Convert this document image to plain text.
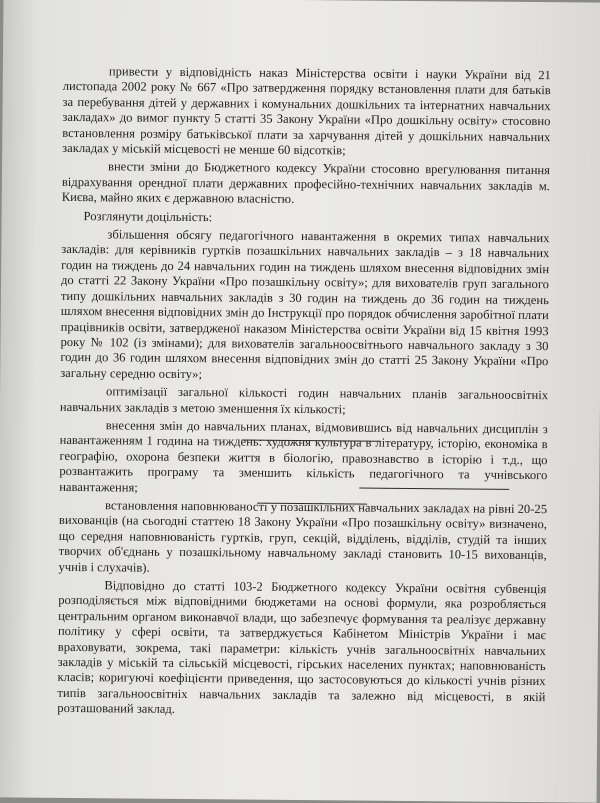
привести у відповідність наказ Міністерства освіти і науки України від 21 листопада 2002 року № 667 «Про затвердження порядку встановлення плати для батьків за перебування дітей у державних і комунальних дошкільних та інтернатних навчальних закладах» до вимог пункту 5 статті 35 Закону України «Про дошкільну освіту» стосовно встановлення розміру батьківської плати за харчування дітей у дошкільних навчальних закладах у міській місцевості не менше 60 відсотків;

внести зміни до Бюджетного кодексу України стосовно врегулювання питання відрахування орендної плати державних професійно-технічних навчальних закладів м. Києва, майно яких є державною власністю.

Розглянути доцільність:

збільшення обсягу педагогічного навантаження в окремих типах навчальних закладів: для керівників гуртків позашкільних навчальних закладів – з 18 навчальних годин на тиждень до 24 навчальних годин на тиждень шляхом внесення відповідних змін до статті 22 Закону України «Про позашкільну освіту»; для вихователів груп загального типу дошкільних навчальних закладів з 30 годин на тиждень до 36 годин на тиждень шляхом внесення відповідних змін до Інструкції про порядок обчислення заробітної плати працівників освіти, затвердженої наказом Міністерства освіти України від 15 квітня 1993 року № 102 (із змінами); для вихователів загальноосвітнього навчального закладу з 30 годин до 36 годин шляхом внесення відповідних змін до статті 25 Закону України «Про загальну середню освіту»;

оптимізації загальної кількості годин навчальних планів загальноосвітніх навчальних закладів з метою зменшення їх кількості;

внесення змін до навчальних планах, відмовившись від навчальних дисциплін з навантаженням 1 година на тиждень: художня культура в літературу, історію, економіка в географію, охорона безпеки життя в біологію, правознавство в історію і т.д., що розвантажить програму та зменшить кількість педагогічного та учнівського навантаження;

встановлення наповнюваності у позашкільних навчальних закладах на рівні 20-25 вихованців (на сьогодні статтею 18 Закону України «Про позашкільну освіту» визначено, що середня наповнюваність гуртків, груп, секцій, відділень, відділів, студій та інших творчих об'єднань у позашкільному навчальному закладі становить 10-15 вихованців, учнів і слухачів).

Відповідно до статті 103-2 Бюджетного кодексу України освітня субвенція розподіляється між відповідними бюджетами на основі формули, яка розробляється центральним органом виконавчої влади, що забезпечує формування та реалізує державну політику у сфері освіти, та затверджується Кабінетом Міністрів України і має враховувати, зокрема, такі параметри: кількість учнів загальноосвітніх навчальних закладів у міській та сільській місцевості, гірських населених пунктах; наповнюваність класів; коригуючі коефіцієнти приведення, що застосовуються до кількості учнів різних типів загальноосвітніх навчальних закладів та залежно від місцевості, в якій розташований заклад.
